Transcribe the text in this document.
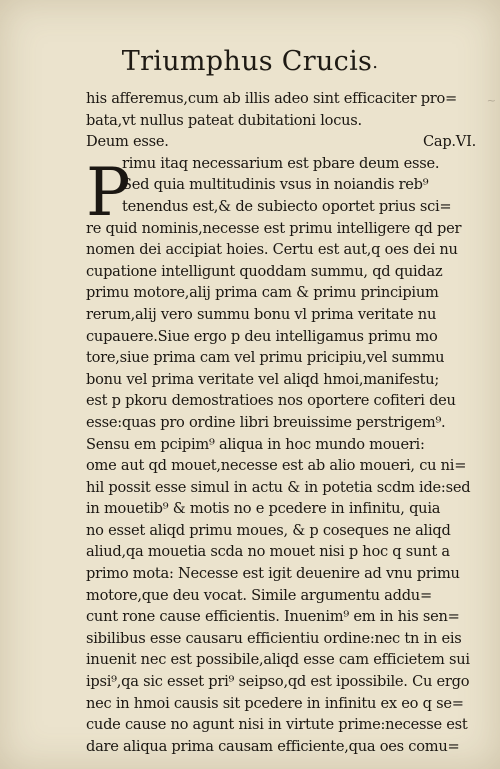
Triumphus Crucis.
~
P
his afferemus,cum ab illis adeo sint efficaciter pro=
bata,vt nullus pateat dubitationi locus.
Deum esse.	Cap.VI.
rimu itaq necessarium est pbare deum esse.
Sed quia multitudinis vsus in noiandis reb⁹
tenendus est,& de subiecto oportet prius sci=
re quid nominis,necesse est primu intelligere qd per
nomen dei accipiat hoies. Certu est aut,q oes dei nu
cupatione intelligunt quoddam summu, qd quidaz
primu motore,alij prima cam & primu principium
rerum,alij vero summu bonu vl prima veritate nu
cupauere.Siue ergo p deu intelligamus primu mo
tore,siue prima cam vel primu pricipiu,vel summu
bonu vel prima veritate vel aliqd hmoi,manifestu;
est p pkoru demostratioes nos oportere cofiteri deu
esse:quas pro ordine libri breuissime perstrigem⁹.
Sensu em pcipim⁹ aliqua in hoc mundo moueri:
ome aut qd mouet,necesse est ab alio moueri, cu ni=
hil possit esse simul in actu & in potetia scdm ide:sed
in mouetib⁹ & motis no e pcedere in infinitu, quia
no esset aliqd primu moues, & p coseques ne aliqd
aliud,qa mouetia scda no mouet nisi p hoc q sunt a
primo mota: Necesse est igit deuenire ad vnu primu
motore,que deu vocat. Simile argumentu addu=
cunt rone cause efficientis. Inuenim⁹ em in his sen=
sibilibus esse causaru efficientiu ordine:nec tn in eis
inuenit nec est possibile,aliqd esse cam efficietem sui
ipsi⁹,qa sic esset pri⁹ seipso,qd est ipossibile. Cu ergo
nec in hmoi causis sit pcedere in infinitu ex eo q se=
cude cause no agunt nisi in virtute prime:necesse est
dare aliqua prima causam efficiente,qua oes comu=
